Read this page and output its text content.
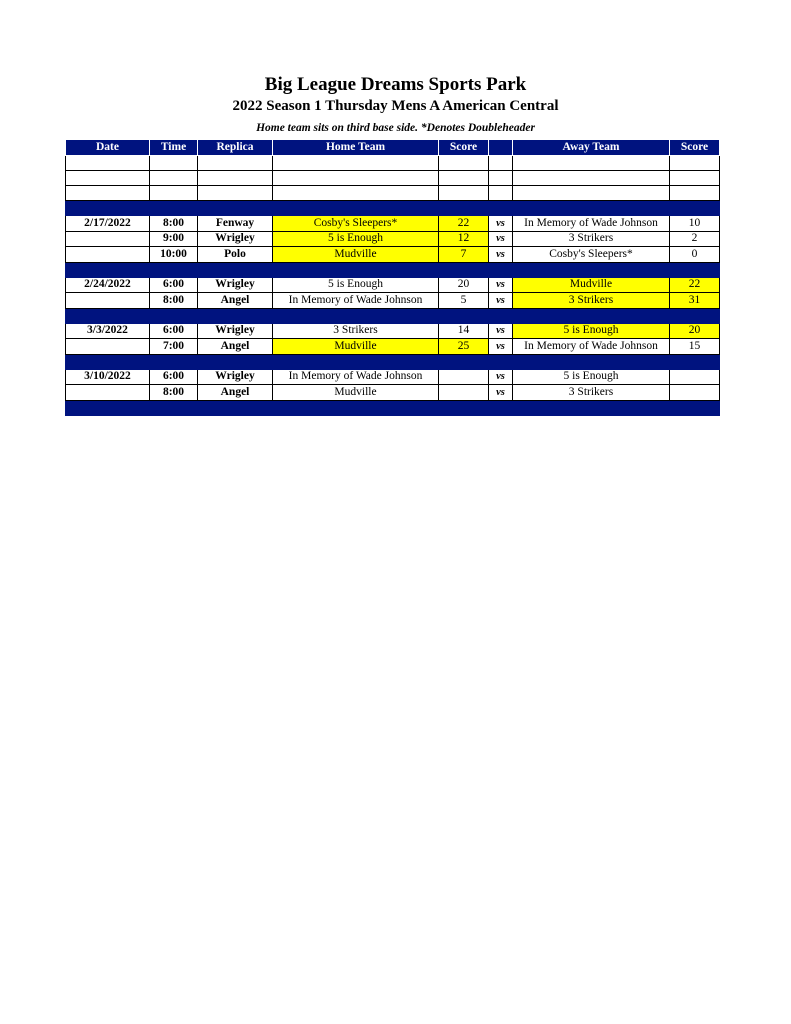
Big League Dreams Sports Park
2022 Season 1 Thursday Mens A American Central
Home team sits on third base side. *Denotes Doubleheader
Date	Time	Replica	Home Team	Score		Away Team	Score

2/17/2022	8:00	Fenway	Cosby's Sleepers*	22	vs	In Memory of Wade Johnson	10
	9:00	Wrigley	5 is Enough	12	vs	3 Strikers	2
	10:00	Polo	Mudville	7	vs	Cosby's Sleepers*	0

2/24/2022	6:00	Wrigley	5 is Enough	20	vs	Mudville	22
	8:00	Angel	In Memory of Wade Johnson	5	vs	3 Strikers	31

3/3/2022	6:00	Wrigley	3 Strikers	14	vs	5 is Enough	20
	7:00	Angel	Mudville	25	vs	In Memory of Wade Johnson	15

3/10/2022	6:00	Wrigley	In Memory of Wade Johnson		vs	5 is Enough	
	8:00	Angel	Mudville		vs	3 Strikers	
